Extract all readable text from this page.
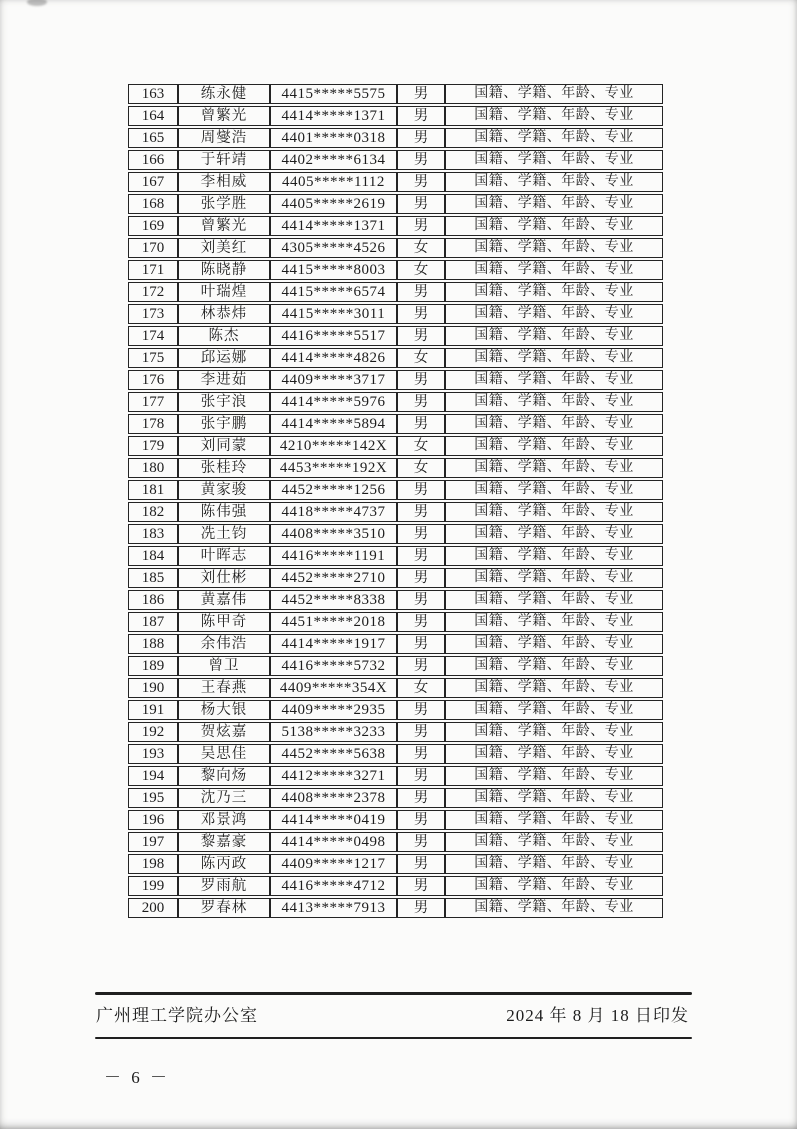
163	练永健	4415*****5575	男	国籍、学籍、年龄、专业
164	曾繁光	4414*****1371	男	国籍、学籍、年龄、专业
165	周燮浩	4401*****0318	男	国籍、学籍、年龄、专业
166	于轩靖	4402*****6134	男	国籍、学籍、年龄、专业
167	李相威	4405*****1112	男	国籍、学籍、年龄、专业
168	张学胜	4405*****2619	男	国籍、学籍、年龄、专业
169	曾繁光	4414*****1371	男	国籍、学籍、年龄、专业
170	刘美红	4305*****4526	女	国籍、学籍、年龄、专业
171	陈晓静	4415*****8003	女	国籍、学籍、年龄、专业
172	叶瑞煌	4415*****6574	男	国籍、学籍、年龄、专业
173	林恭炜	4415*****3011	男	国籍、学籍、年龄、专业
174	陈杰	4416*****5517	男	国籍、学籍、年龄、专业
175	邱运娜	4414*****4826	女	国籍、学籍、年龄、专业
176	李进茹	4409*****3717	男	国籍、学籍、年龄、专业
177	张宇浪	4414*****5976	男	国籍、学籍、年龄、专业
178	张宇鹏	4414*****5894	男	国籍、学籍、年龄、专业
179	刘同蒙	4210*****142X	女	国籍、学籍、年龄、专业
180	张桂玲	4453*****192X	女	国籍、学籍、年龄、专业
181	黄家骏	4452*****1256	男	国籍、学籍、年龄、专业
182	陈伟强	4418*****4737	男	国籍、学籍、年龄、专业
183	冼土钧	4408*****3510	男	国籍、学籍、年龄、专业
184	叶晖志	4416*****1191	男	国籍、学籍、年龄、专业
185	刘仕彬	4452*****2710	男	国籍、学籍、年龄、专业
186	黄嘉伟	4452*****8338	男	国籍、学籍、年龄、专业
187	陈甲奇	4451*****2018	男	国籍、学籍、年龄、专业
188	余伟浩	4414*****1917	男	国籍、学籍、年龄、专业
189	曾卫	4416*****5732	男	国籍、学籍、年龄、专业
190	王春燕	4409*****354X	女	国籍、学籍、年龄、专业
191	杨大银	4409*****2935	男	国籍、学籍、年龄、专业
192	贺炫嘉	5138*****3233	男	国籍、学籍、年龄、专业
193	吴思佳	4452*****5638	男	国籍、学籍、年龄、专业
194	黎向炀	4412*****3271	男	国籍、学籍、年龄、专业
195	沈乃三	4408*****2378	男	国籍、学籍、年龄、专业
196	邓景鸿	4414*****0419	男	国籍、学籍、年龄、专业
197	黎嘉豪	4414*****0498	男	国籍、学籍、年龄、专业
198	陈丙政	4409*****1217	男	国籍、学籍、年龄、专业
199	罗雨航	4416*****4712	男	国籍、学籍、年龄、专业
200	罗春林	4413*****7913	男	国籍、学籍、年龄、专业
广州理工学院办公室	2024 年 8 月 18 日印发
－ 6 －
